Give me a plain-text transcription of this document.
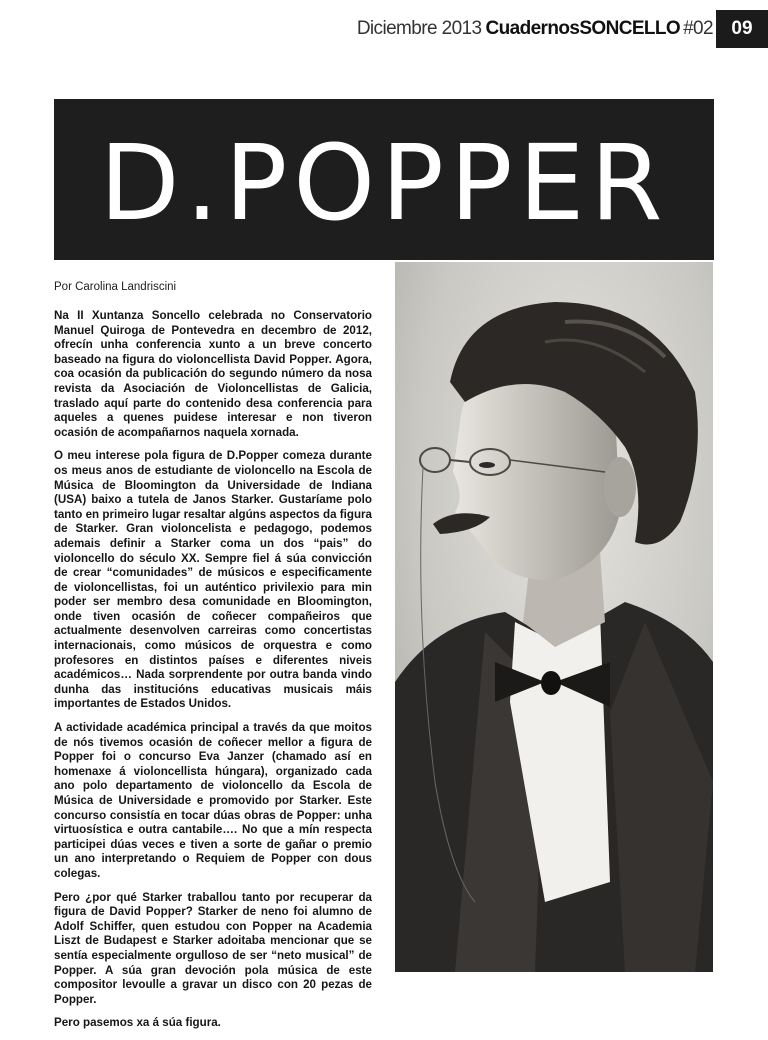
Diciembre 2013 Cuadernos SONCELLO #02 09
D.POPPER
Por Carolina Landriscini

Na II Xuntanza Soncello celebrada no Conservatorio Manuel Quiroga de Pontevedra en decembro de 2012, ofrecín unha conferencia xunto a un breve concerto baseado na figura do violoncellista David Popper. Agora, coa ocasión da publicación do segundo número da nosa revista da Asociación de Violoncellistas de Galicia, traslado aquí parte do contenido desa conferencia para aqueles a quenes puidese interesar e non tiveron ocasión de acompañarnos naquela xornada.

O meu interese pola figura de D.Popper comeza durante os meus anos de estudiante de violoncello na Escola de Música de Bloomington da Universidade de Indiana (USA) baixo a tutela de Janos Starker. Gustaríame polo tanto en primeiro lugar resaltar algúns aspectos da figura de Starker. Gran violoncelista e pedagogo, podemos ademais definir a Starker coma un dos “pais” do violoncello do século XX. Sempre fiel á súa convicción de crear “comunidades” de músicos e especificamente de violoncellistas, foi un auténtico privilexio para min poder ser membro desa comunidade en Bloomington, onde tiven ocasión de coñecer compañeiros que actualmente desenvolven carreiras como concertistas internacionais, como músicos de orquestra e como profesores en distintos países e diferentes niveis académicos… Nada sorprendente por outra banda vindo dunha das institucións educativas musicais máis importantes de Estados Unidos.

A actividade académica principal a través da que moitos de nós tivemos ocasión de coñecer mellor a figura de Popper foi o concurso Eva Janzer (chamado así en homenaxe á violoncellista húngara), organizado cada ano polo departamento de violoncello da Escola de Música de Universidade e promovido por Starker. Este concurso consistía en tocar dúas obras de Popper: unha virtuosística e outra cantabile…. No que a mín respecta participei dúas veces e tiven a sorte de gañar o premio un ano interpretando o Requiem de Popper con dous colegas.

Pero ¿por qué Starker traballou tanto por recuperar da figura de David Popper? Starker de neno foi alumno de Adolf Schiffer, quen estudou con Popper na Academia Liszt de Budapest e Starker adoitaba mencionar que se sentía especialmente orgulloso de ser “neto musical” de Popper. A súa gran devoción pola música de este compositor levoulle a gravar un disco con 20 pezas de Popper.

Pero pasemos xa á súa figura.
